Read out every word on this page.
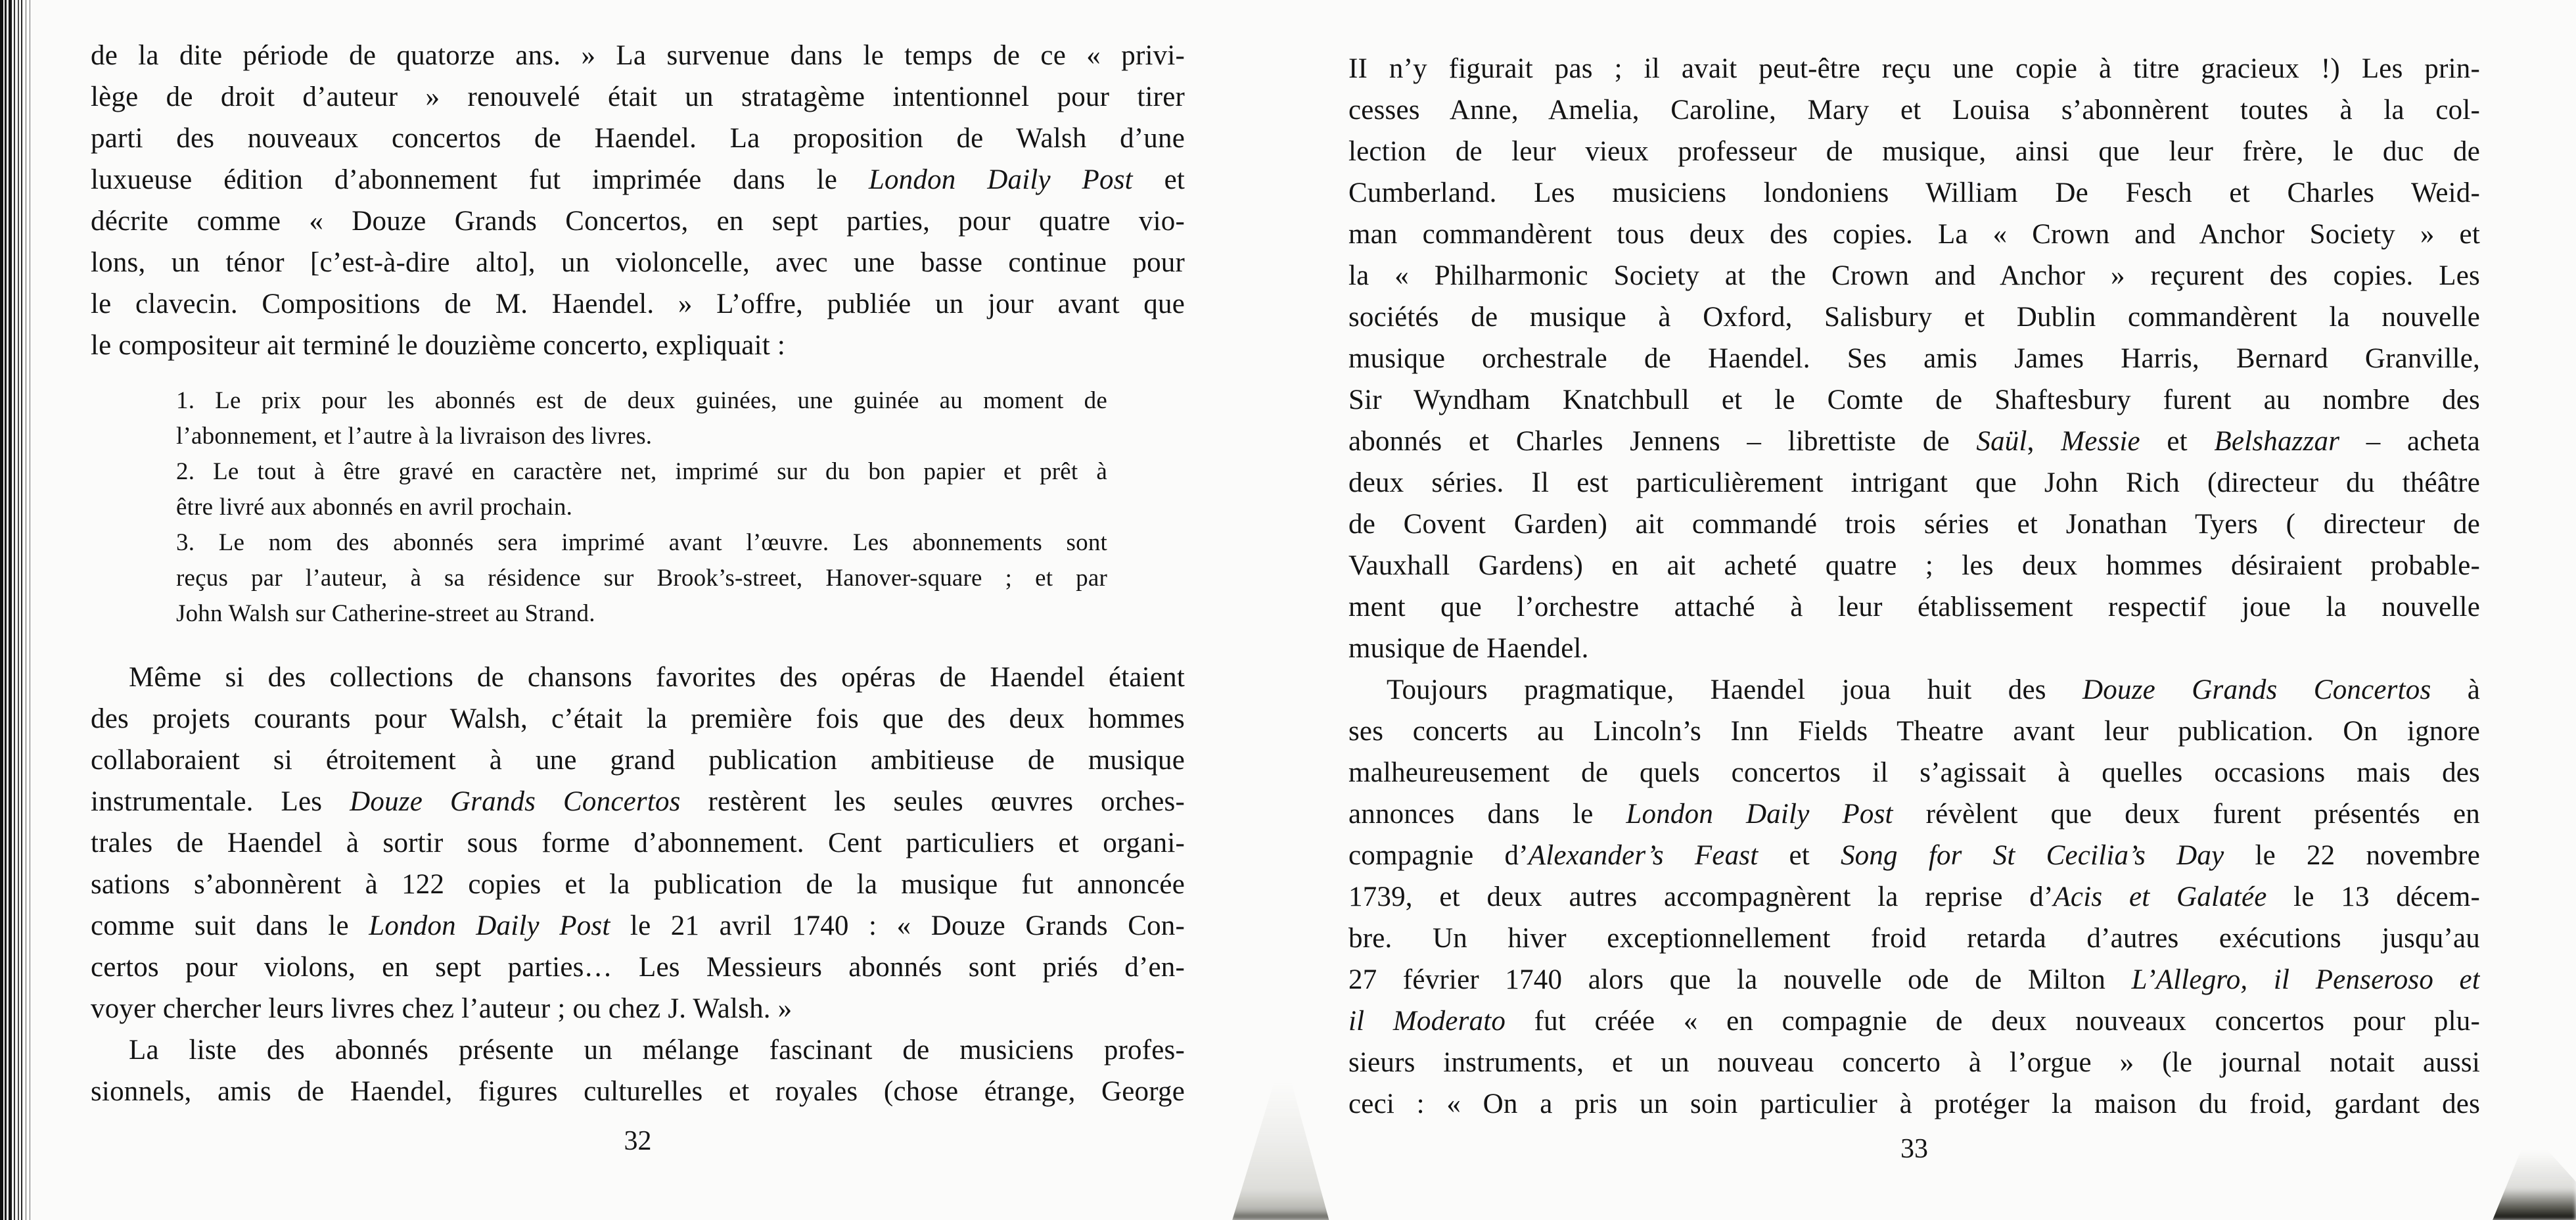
de la dite période de quatorze ans. » La survenue dans le temps de ce « privi-
lège de droit d’auteur » renouvelé était un stratagème intentionnel pour tirer
parti des nouveaux concertos de Haendel. La proposition de Walsh d’une
luxueuse édition d’abonnement fut imprimée dans le London Daily Post et
décrite comme « Douze Grands Concertos, en sept parties, pour quatre vio-
lons, un ténor [c’est-à-dire alto], un violoncelle, avec une basse continue pour
le clavecin. Compositions de M. Haendel. » L’offre, publiée un jour avant que
le compositeur ait terminé le douzième concerto, expliquait :
1. Le prix pour les abonnés est de deux guinées, une guinée au moment de
l’abonnement, et l’autre à la livraison des livres.
2. Le tout à être gravé en caractère net, imprimé sur du bon papier et prêt à
être livré aux abonnés en avril prochain.
3. Le nom des abonnés sera imprimé avant l’œuvre. Les abonnements sont
reçus par l’auteur, à sa résidence sur Brook’s-street, Hanover-square ; et par
John Walsh sur Catherine-street au Strand.
Même si des collections de chansons favorites des opéras de Haendel étaient
des projets courants pour Walsh, c’était la première fois que des deux hommes
collaboraient si étroitement à une grand publication ambitieuse de musique
instrumentale. Les Douze Grands Concertos restèrent les seules œuvres orches-
trales de Haendel à sortir sous forme d’abonnement. Cent particuliers et organi-
sations s’abonnèrent à 122 copies et la publication de la musique fut annoncée
comme suit dans le London Daily Post le 21 avril 1740 : « Douze Grands Con-
certos pour violons, en sept parties… Les Messieurs abonnés sont priés d’en-
voyer chercher leurs livres chez l’auteur ; ou chez J. Walsh. »
La liste des abonnés présente un mélange fascinant de musiciens profes-
sionnels, amis de Haendel, figures culturelles et royales (chose étrange, George
32
II n’y figurait pas ; il avait peut-être reçu une copie à titre gracieux !) Les prin-
cesses Anne, Amelia, Caroline, Mary et Louisa s’abonnèrent toutes à la col-
lection de leur vieux professeur de musique, ainsi que leur frère, le duc de
Cumberland. Les musiciens londoniens William De Fesch et Charles Weid-
man commandèrent tous deux des copies. La « Crown and Anchor Society » et
la « Philharmonic Society at the Crown and Anchor » reçurent des copies. Les
sociétés de musique à Oxford, Salisbury et Dublin commandèrent la nouvelle
musique orchestrale de Haendel. Ses amis James Harris, Bernard Granville,
Sir Wyndham Knatchbull et le Comte de Shaftesbury furent au nombre des
abonnés et Charles Jennens – librettiste de Saül, Messie et Belshazzar – acheta
deux séries. Il est particulièrement intrigant que John Rich (directeur du théâtre
de Covent Garden) ait commandé trois séries et Jonathan Tyers ( directeur de
Vauxhall Gardens) en ait acheté quatre ; les deux hommes désiraient probable-
ment que l’orchestre attaché à leur établissement respectif joue la nouvelle
musique de Haendel.
Toujours pragmatique, Haendel joua huit des Douze Grands Concertos à
ses concerts au Lincoln’s Inn Fields Theatre avant leur publication. On ignore
malheureusement de quels concertos il s’agissait à quelles occasions mais des
annonces dans le London Daily Post révèlent que deux furent présentés en
compagnie d’Alexander’s Feast et Song for St Cecilia’s Day le 22 novembre
1739, et deux autres accompagnèrent la reprise d’Acis et Galatée le 13 décem-
bre. Un hiver exceptionnellement froid retarda d’autres exécutions jusqu’au
27 février 1740 alors que la nouvelle ode de Milton L’Allegro, il Penseroso et
il Moderato fut créée « en compagnie de deux nouveaux concertos pour plu-
sieurs instruments, et un nouveau concerto à l’orgue » (le journal notait aussi
ceci : « On a pris un soin particulier à protéger la maison du froid, gardant des
33
